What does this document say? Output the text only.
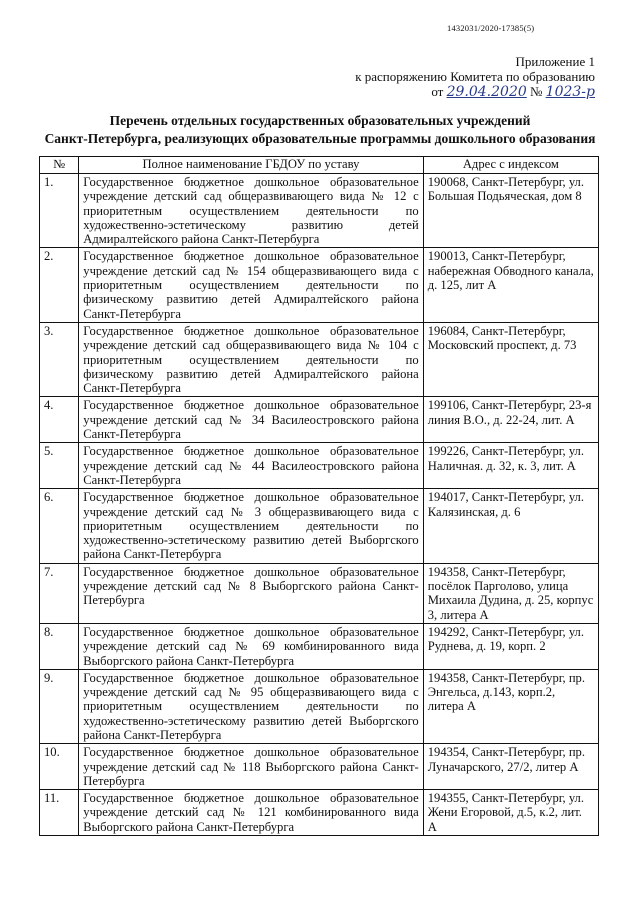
1432031/2020-17385(5)
Приложение 1
к распоряжению Комитета по образованию
от 29.04.2020 № 1023-р
Перечень отдельных государственных образовательных учреждений
Санкт-Петербурга, реализующих образовательные программы дошкольного образования
№	Полное наименование ГБДОУ по уставу	Адрес с индексом
1.	Государственное бюджетное дошкольное образовательное учреждение детский сад общеразвивающего вида № 12 с приоритетным осуществлением деятельности по художественно-эстетическому развитию детей Адмиралтейского района Санкт-Петербурга	190068, Санкт-Петербург, ул. Большая Подьяческая, дом 8
2.	Государственное бюджетное дошкольное образовательное учреждение детский сад № 154 общеразвивающего вида с приоритетным осуществлением деятельности по физическому развитию детей Адмиралтейского района Санкт-Петербурга	190013, Санкт-Петербург, набережная Обводного канала, д. 125, лит А
3.	Государственное бюджетное дошкольное образовательное учреждение детский сад общеразвивающего вида № 104 с приоритетным осуществлением деятельности по физическому развитию детей Адмиралтейского района Санкт-Петербурга	196084, Санкт-Петербург, Московский проспект, д. 73
4.	Государственное бюджетное дошкольное образовательное учреждение детский сад № 34 Василеостровского района Санкт-Петербурга	199106, Санкт-Петербург, 23-я линия В.О., д. 22-24, лит. А
5.	Государственное бюджетное дошкольное образовательное учреждение детский сад № 44 Василеостровского района Санкт-Петербурга	199226, Санкт-Петербург, ул. Наличная. д. 32, к. 3, лит. А
6.	Государственное бюджетное дошкольное образовательное учреждение детский сад № 3 общеразвивающего вида с приоритетным осуществлением деятельности по художественно-эстетическому развитию детей Выборгского района Санкт-Петербурга	194017, Санкт-Петербург, ул. Калязинская, д. 6
7.	Государственное бюджетное дошкольное образовательное учреждение детский сад № 8 Выборгского района Санкт-Петербурга	194358, Санкт-Петербург, посёлок Парголово, улица Михаила Дудина, д. 25, корпус 3, литера А
8.	Государственное бюджетное дошкольное образовательное учреждение детский сад № 69 комбинированного вида Выборгского района Санкт-Петербурга	194292, Санкт-Петербург, ул. Руднева, д. 19, корп. 2
9.	Государственное бюджетное дошкольное образовательное учреждение детский сад № 95 общеразвивающего вида с приоритетным осуществлением деятельности по художественно-эстетическому развитию детей Выборгского района Санкт-Петербурга	194358, Санкт-Петербург, пр. Энгельса, д.143, корп.2, литера А
10.	Государственное бюджетное дошкольное образовательное учреждение детский сад № 118 Выборгского района Санкт-Петербурга	194354, Санкт-Петербург, пр. Луначарского, 27/2, литер А
11.	Государственное бюджетное дошкольное образовательное учреждение детский сад № 121 комбинированного вида Выборгского района Санкт-Петербурга	194355, Санкт-Петербург, ул. Жени Егоровой, д.5, к.2, лит. А
